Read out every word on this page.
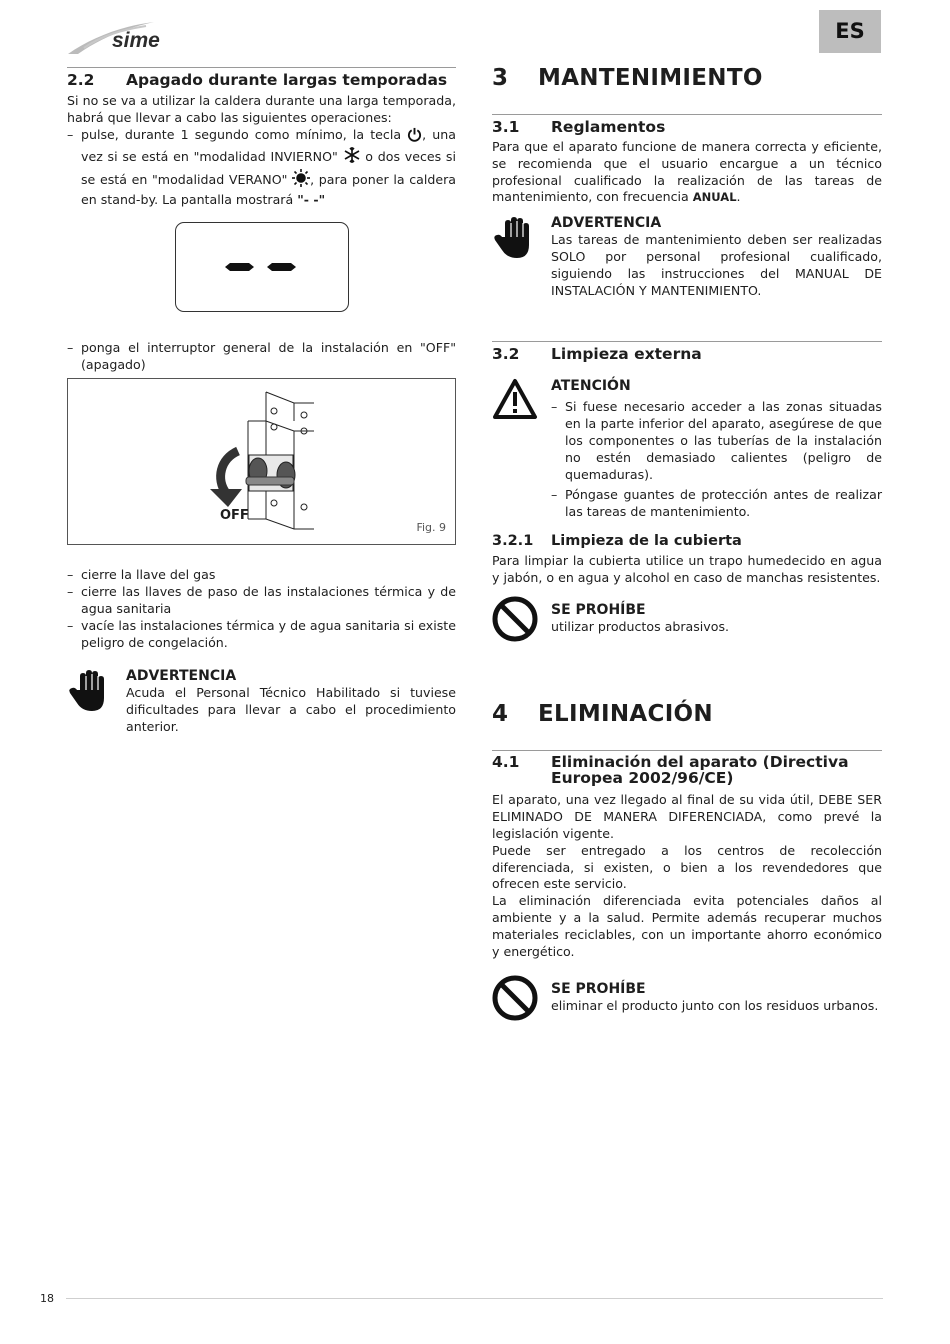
sime	ES
2.2	Apagado durante largas temporadas

Si no se va a utilizar la caldera durante una larga temporada, habrá que llevar a cabo las siguientes operaciones:

– pulse, durante 1 segundo como mínimo, la tecla , una vez si se está en "modalidad INVIERNO" o dos veces si se está en "modalidad VERANO" , para poner la caldera en stand-by. La pantalla mostrará "- -"
– ponga el interruptor general de la instalación en "OFF" (apagado)
OFF
Fig. 9
– cierre la llave del gas
– cierre las llaves de paso de las instalaciones térmica y de agua sanitaria
– vacíe las instalaciones térmica y de agua sanitaria si existe peligro de congelación.
ADVERTENCIA

Acuda el Personal Técnico Habilitado si tuviese dificultades para llevar a cabo el procedimiento anterior.

3	MANTENIMIENTO
3.1	Reglamentos

Para que el aparato funcione de manera correcta y eficiente, se recomienda que el usuario encargue a un técnico profesional cualificado la realización de las tareas de mantenimiento, con frecuencia ANUAL.

ADVERTENCIA

Las tareas de mantenimiento deben ser realizadas SOLO por personal profesional cualificado, siguiendo las instrucciones del MANUAL DE INSTALACIÓN Y MANTENIMIENTO.

3.2	Limpieza externa
ATENCIÓN
– Si fuese necesario acceder a las zonas situadas en la parte inferior del aparato, asegúrese de que los componentes o las tuberías de la instalación no estén demasiado calientes (peligro de quemaduras).
– Póngase guantes de protección antes de realizar las tareas de mantenimiento.
3.2.1	Limpieza de la cubierta

Para limpiar la cubierta utilice un trapo humedecido en agua y jabón, o en agua y alcohol en caso de manchas resistentes.

SE PROHÍBE
utilizar productos abrasivos.
4	ELIMINACIÓN
4.1	Eliminación del aparato (Directiva Europea 2002/96/CE)

El aparato, una vez llegado al final de su vida útil, DEBE SER ELIMINADO DE MANERA DIFERENCIADA, como prevé la legislación vigente.

Puede ser entregado a los centros de recolección diferenciada, si existen, o bien a los revendedores que ofrecen este servicio.

La eliminación diferenciada evita potenciales daños al ambiente y a la salud. Permite además recuperar muchos materiales reciclables, con un importante ahorro económico y energético.

SE PROHÍBE
eliminar el producto junto con los residuos urbanos.
18
